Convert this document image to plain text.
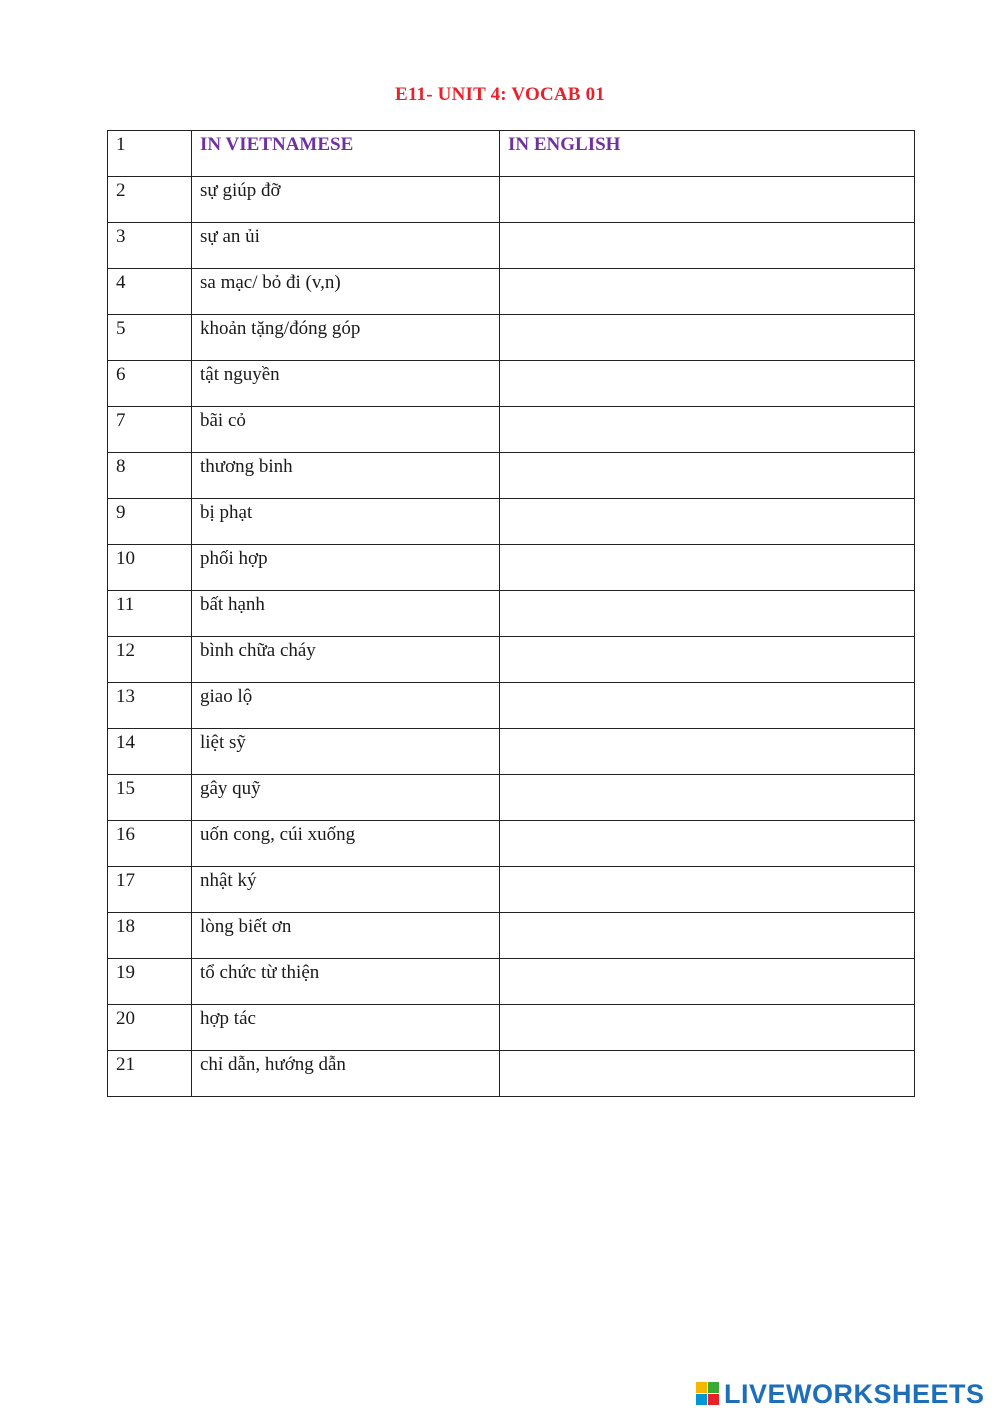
E11- UNIT 4: VOCAB 01
1	IN VIETNAMESE	IN ENGLISH
2	sự giúp đỡ	
3	sự an ủi	
4	sa mạc/ bỏ đi (v,n)	
5	khoản tặng/đóng góp	
6	tật nguyền	
7	bãi cỏ	
8	thương binh	
9	bị phạt	
10	phối hợp	
11	bất hạnh	
12	bình chữa cháy	
13	giao lộ	
14	liệt sỹ	
15	gây quỹ	
16	uốn cong, cúi xuống	
17	nhật ký	
18	lòng biết ơn	
19	tổ chức từ thiện	
20	hợp tác	
21	chỉ dẫn, hướng dẫn	
LIVEWORKSHEETS
